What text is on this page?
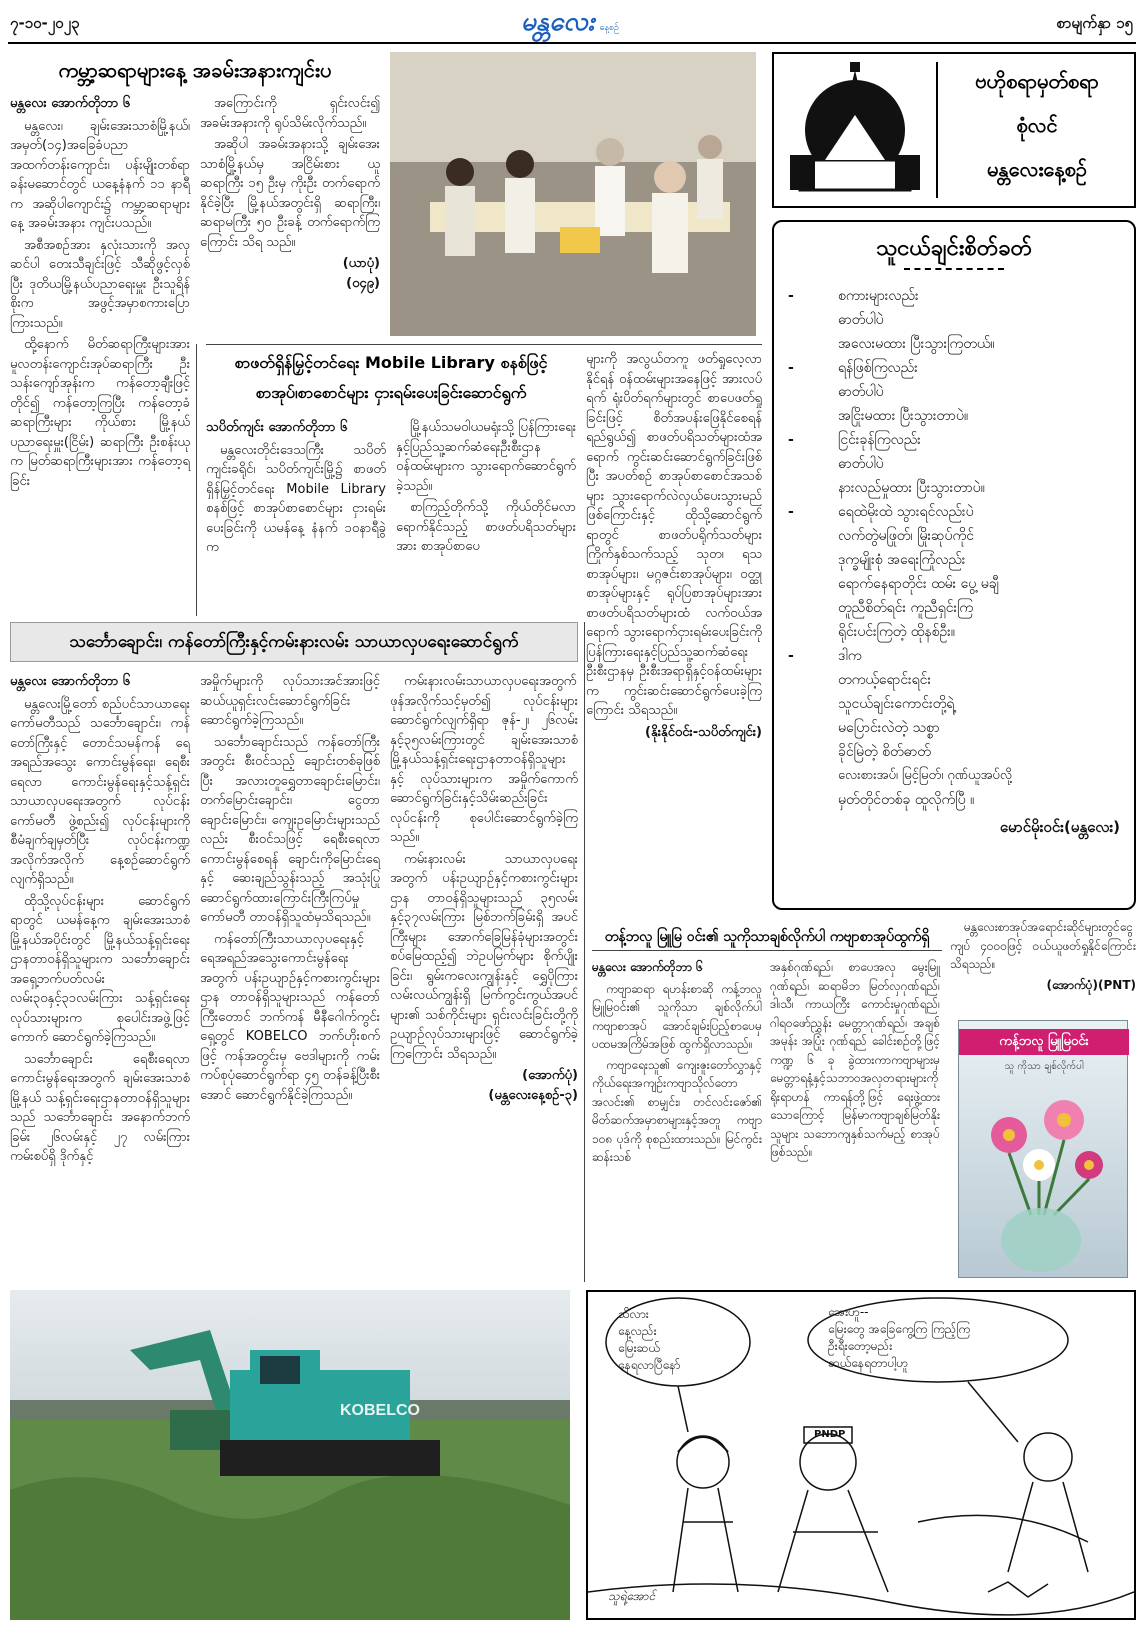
၇-၁၀-၂၀၂၃	မန္တလေး နေ့စဉ်	စာမျက်နှာ ၁၅
ကမ္ဘာ့ဆရာများနေ့ အခမ်းအနားကျင်းပ
မန္တလေး အောက်တိုဘာ ၆

မန္တလေး၊ ချမ်းအေးသာစံမြို့နယ်၊ အမှတ်(၁၄)အခြေခံပညာ အထက်တန်းကျောင်း၊ ပန်းမျိုးတစ်ရာခန်းမဆောင်တွင် ယနေ့နံနက် ၁၁ နာရီက အဆိုပါကျောင်း၌ ကမ္ဘာ့ဆရာများနေ့ အခမ်းအနား ကျင်းပသည်။

အစီအစဉ်အား နှလုံးသားကို အလှဆင်ပါ တေးသီချင်းဖြင့် သီဆိုဖွင့်လှစ်ပြီး ဒုတိယမြို့နယ်ပညာရေးမှူး ဦးသူရိန်စိုးက အဖွင့်အမှာစကားပြောကြားသည်။

ထို့နောက် မိတ်ဆရာကြီးများအား မူလတန်းကျောင်းအုပ်ဆရာကြီး ဦးသန်းကျော်အုန်းက ကန်တော့ချီးဖြင့်တိုင်၍ ကန်တော့ကြပြီး ကန်တော့ခံဆရာကြီးများ ကိုယ်စား မြို့နယ်ပညာရေးမှူး(ငြိမ်း) ဆရာကြီး ဦးစန်းယုက မြတ်ဆရာကြီးများအား ကန်တော့ရခြင်း

အကြောင်းကို ရှင်းလင်း၍ အခမ်းအနားကို ရုပ်သိမ်းလိုက်သည်။

အဆိုပါ အခမ်းအနားသို့ ချမ်းအေးသာစံမြို့နယ်မှ အငြိမ်းစား ယူ ဆရာကြီး ၁၅ ဦးမှ ကိုးဦး တက်ရောက်နိုင်ခဲ့ပြီး မြို့နယ်အတွင်းရှိ ဆရာကြီး၊ ဆရာမကြီး ၅၀ ဦးခန့် တက်ရောက်ကြကြောင်း သိရ သည်။

(ယာပုံ)
(၀၄၉)
ဗဟိုစရာမှတ်စရာ
စုံလင်
မန္တလေးနေ့စဉ်
သူငယ်ချင်းစိတ်ခတ်
-	စကားများလည်း
ဓာတ်ပါပဲ
အလေးမထား ပြီးသွားကြတယ်။
-	ရန်ဖြစ်ကြလည်း
ဓာတ်ပါပဲ
အငြိုးမထား ပြီးသွားတာပဲ။
-	ငြင်းခုန်ကြလည်း
ဓာတ်ပါပဲ
နားလည်မှုထား ပြီးသွားတာပဲ။
-	ရေထဲမိုးထဲ သွားရင်လည်းပဲ
လက်တွဲမဖြုတ်၊ မြိုးဆုပ်ကိုင်
ဒုက္ခမျိုးစုံ အရေးကြုံလည်း
ရောက်နေရာတိုင်း ထမ်း ပွေ့ မချီ
တူညီစိတ်ရင်း ကူညီရှင်းကြ
ရိုင်းပင်းကြတဲ့ ထိုနစ်ဦး။
-	ဒါက
တကယ့်ရောင်းရင်း
သူငယ်ချင်းကောင်းတို့ရဲ့
မပြောင်းလဲတဲ့ သစ္စာ
ခိုင်မြဲတဲ့ စိတ်ဓာတ်
လေးစားအပ်၊ မြင့်မြတ်၊ ဂုဏ်ယူအပ်လို့
မှတ်တိုင်တစ်ခု ထူလိုက်ပြီ ။
မောင်မိုးဝင်း(မန္တလေး)
စာဖတ်ရှိန်မြှင့်တင်ရေး Mobile Library စနစ်ဖြင့်
စာအုပ်၊စာစောင်များ ငှားရမ်းပေးခြင်းဆောင်ရွက်
သပိတ်ကျင်း အောက်တိုဘာ ၆

မန္တလေးတိုင်းဒေသကြီး သပိတ်ကျင်းခရိုင်၊ သပိတ်ကျင်းမြို့၌ စာဖတ်ရှိန်မြှင့်တင်ရေး Mobile Library စနစ်ဖြင့် စာအုပ်စာစောင်များ ငှားရမ်းပေးခြင်းကို ယမန်နေ့ နံနက် ၁၀နာရီခွဲက

မြို့နယ်သမဝါယမရုံးသို့ ပြန်ကြားရေးနှင့်ပြည်သူ့ဆက်ဆံရေးဦးစီးဌာနဝန်ထမ်းများက သွားရောက်ဆောင်ရွက်ခဲ့သည်။

စာကြည့်တိုက်သို့ ကိုယ်တိုင်မလာရောက်နိုင်သည့် စာဖတ်ပရိသတ်များအား စာအုပ်စာပေ

များကို အလွယ်တကူ ဖတ်ရှုလေ့လာနိုင်ရန် ဝန်ထမ်းများအနေဖြင့် အားလပ်ရက် ရုံးပိတ်ရက်များတွင် စာပေဖတ်ရှုခြင်းဖြင့် စိတ်အပန်းဖြေနိုင်စေရန် ရည်ရွယ်၍ စာဖတ်ပရိသတ်များထံအရောက် ကွင်းဆင်းဆောင်ရွက်ခြင်းဖြစ်ပြီး အပတ်စဉ် စာအုပ်စာစောင်အသစ်များ သွားရောက်လဲလှယ်ပေးသွားမည် ဖြစ်ကြောင်းနှင့် ထိုသို့ဆောင်ရွက်ရာတွင် စာဖတ်ပရိုက်သတ်များကြိုက်နှစ်သက်သည့် သုတ၊ ရသစာအုပ်များ၊ မဂ္ဂဇင်းစာအုပ်များ၊ ဝတ္ထုစာအုပ်များနှင့် ရုပ်ပြစာအုပ်များအား စာဖတ်ပရိသတ်များထံ လက်ဝယ်အရောက် သွားရောက်ငှားရမ်းပေးခြင်းကို ပြန်ကြားရေးနှင့်ပြည်သူ့ဆက်ဆံရေးဦးစီးဌာနမှ ဦးစီးအရာရှိနှင့်ဝန်ထမ်းများက ကွင်းဆင်းဆောင်ရွက်ပေးခဲ့ကြကြောင်း သိရသည်။

(နိုးနိုင်ဝင်း-သပိတ်ကျင်း)
သင်္ဘောချောင်း၊ ကန်တော်ကြီးနှင့်ကမ်းနားလမ်း သာယာလှပရေးဆောင်ရွက်
မန္တလေး အောက်တိုဘာ ၆

မန္တလေးမြို့တော် စည်ပင်သာယာရေးကော်မတီသည် သင်္ဘောချောင်း၊ ကန်တော်ကြီးနှင့် တောင်သမန်ကန် ရေအရည်အသွေး ကောင်းမွန်ရေး၊ ရေစီးရေလာ ကောင်းမွန်ရေးနှင့်သန့်ရှင်းသာယာလှပရေးအတွက် လုပ်ငန်းကော်မတီ ဖွဲ့စည်း၍ လုပ်ငန်းများကို စီမံချက်ချမှတ်ပြီး လုပ်ငန်းကဏ္ဍအလိုက်အလိုက် နေ့စဉ်ဆောင်ရွက်လျက်ရှိသည်။

ထိုသို့လုပ်ငန်းများ ဆောင်ရွက်ရာတွင် ယမန်နေ့က ချမ်းအေးသာစံမြို့နယ်အပိုင်းတွင် မြို့နယ်သန့်ရှင်းရေးဌာနတာဝန်ရှိသူများက သင်္ဘောချောင်း အရှေ့ဘက်ပတ်လမ်း လမ်း၃၀နှင့်၃၁လမ်းကြား သန့်ရှင်းရေးလုပ်သားများက စုပေါင်းအဖွဲ့ဖြင့် ကောက် ဆောင်ရွက်ခဲ့ကြသည်။

သင်္ဘောချောင်း ရေစီးရေလာကောင်းမွန်ရေးအတွက် ချမ်းအေးသာစံမြို့နယ် သန့်ရှင်းရေးဌာနတာဝန်ရှိသူများသည် သင်္ဘောချောင်း အနောက်ဘက်ခြမ်း ၂၆လမ်းနှင့် ၂၇ လမ်းကြားကမ်းစပ်ရှိ ဒိုက်နှင့်

အမှိုက်များကို လုပ်သားအင်အားဖြင့် ဆယ်ယူရှင်းလင်းဆောင်ရွက်ခြင်း ဆောင်ရွက်ခဲ့ကြသည်။

သင်္ဘောချောင်းသည် ကန်တော်ကြီးအတွင်း စီးဝင်သည့် ချောင်းတစ်ခုဖြစ်ပြီး အလားတူရွှေတာချောင်းမြောင်း၊ တက်မြောင်းချောင်း၊ ငွေတာချောင်းမြောင်း၊ ကျေးဥမြောင်းများသည်လည်း စီးဝင်သဖြင့် ရေစီးရေလာကောင်းမွန်စေရန် ချောင်းကိုမြောင်းရေနှင့် ဆေးချည်သွန်းသည့် အသုံးပြု ဆောင်ရွက်ထားကြောင်းကြီးကြပ်မှုကော်မတီ တာဝန်ရှိသူထံမှသိရသည်။

ကန်တော်ကြီးသာယာလှပရေးနှင့် ရေအရည်အသွေးကောင်းမွန်ရေးအတွက် ပန်းဥယျာဉ်နှင့်ကစားကွင်းများဌာန တာဝန်ရှိသူများသည် ကန်တော်ကြီးတောင် ဘက်ကန် မီနီဂေါက်ကွင်းရှေ့တွင် KOBELCO ဘက်ဟိုးစက်ဖြင့် ကန်အတွင်းမှ ဗေဒါများကို ကမ်းကပ်စုပုံဆောင်ရွက်ရာ ၄၅ တန်ခန့်ပြီးစီးအောင် ဆောင်ရွက်နိုင်ခဲ့ကြသည်။

ကမ်းနားလမ်းသာယာလှပရေးအတွက် ဖုန်အလိုက်သင့်မှတ်၍ လုပ်ငန်းများဆောင်ရွက်လျက်ရှိရာ ဇုန်-၂၊ ၂၆လမ်းနှင့်၃၅လမ်းကြားတွင် ချမ်းအေးသာစံမြို့နယ်သန့်ရှင်းရေးဌာနတာဝန်ရှိသူများနှင့် လုပ်သားများက အမှိုက်ကောက်ဆောင်ရွက်ခြင်းနှင့်သိမ်းဆည်းခြင်းလုပ်ငန်းကို စုပေါင်းဆောင်ရွက်ခဲ့ကြသည်။

ကမ်းနားလမ်း သာယာလှပရေးအတွက် ပန်းဥယျာဉ်နှင့်ကစားကွင်းများဌာန တာဝန်ရှိသူများသည် ၃၅လမ်းနှင့်၃၇လမ်းကြား မြစ်ဘက်ခြမ်းရှိ အပင်ကြီးများ အောက်ခြေမြန်ခုံများအတွင်း စပ်မြေထည့်၍ ဘဲဥပမြက်များ စိုက်ပျိုးခြင်း၊ ရွမ်းကလေးကျွန်းနှင့် ရွှေပိုကြားလမ်းလယ်ကျွန်းရှိ မြက်ကွင်းကွယ်အပင်များ၏ သစ်ကိုင်းများ ရှင်းလင်းခြင်းတို့ကို ဥယျာဉ်လုပ်သားများဖြင့် ဆောင်ရွက်ခဲ့ကြကြောင်း သိရသည်။

(အောက်ပုံ)
(မန္တလေးနေ့စဉ်-၃)
KOBELCO
တန့်ဘလူ မြူမြ ဝင်း၏ သူကိုသာချစ်လိုက်ပါ ကဗျာစာအုပ်ထွက်ရှိ
မန္တလေး အောက်တိုဘာ ၆

ကဗျာဆရာ ရဟန်းစာဆို ကန့်ဘလူမြူမြဝင်း၏ သူကိုသာ ချစ်လိုက်ပါ ကဗျာစာအုပ် အောင်ချမ်းပြည့်စာပေမှ ပထမအကြိမ်အဖြစ် ထွက်ရှိလာသည်။

ကဗျာရေးသူ၏ ကျေးဇူးတော်လွှာနှင့်ကိုယ်ရေးအကျဉ်းကဗျာသိုလ်တောအလင်း၏ စာမျှင်း၊ တင်လင်းဇော်၏ မိတ်ဆက်အမှာစာများနှင့်အတူ ကဗျာ ၁၀၈ ပုဒ်ကို စုစည်းထားသည်။ မြင်ကွင်းဆန်းသစ်

အနှစ်ဂုဏ်ရည်၊ စာပေအလှ မွေးမြူဂုဏ်ရည်၊ ဆရာမိဘ မြတ်လှဂုဏ်ရည်၊ ဒါ၊သီ၊ ကာယကြီး ကောင်းမှုဂုဏ်ရည်၊ ဂါရဝဖော်ညွှန်း မေတ္တာဂုဏ်ရည်၊ အချစ်အမုန်း အပြုံး ဂုဏ်ရည် ခေါင်းစဉ်တို့ဖြင့် ကဏ္ဍ ၆ ခု ခွဲထားကာကဗျာများမှ မေတ္တာရနံ့နှင့်သဘာဝအလှတရားများကို ရိုးရာဟန် ကာရန်တို့ဖြင့် ရေးဖွဲ့ထားသောကြောင့် မြန်မာကဗျာချစ်မြတ်နိုးသူများ သဘောကျနှစ်သက်မည့် စာအုပ်ဖြစ်သည်။

မန္တလေးစာအုပ်အရောင်းဆိုင်များတွင်ငွေကျပ် ၄၀၀၀ဖြင့် ဝယ်ယူဖတ်ရှုနိုင်ကြောင်း သိရသည်။

(အောက်ပုံ)(PNT)
ကန့်ဘလူ မြူမြဝင်း
သူ ကိုသာ ချစ်လိုက်ပါ
သိလား
နေ့လည်း
မြေးဆယ်
နေရလာပြီနော်
အေးဟူ--
မြေးတွေ အခြေကွေ့ကြ ကြည့်ကြ
ဦးရီးတော့မည်း
ဆယ်နေရတာပါ့ဟူ
PNDP
သူရဲ့အောင်
